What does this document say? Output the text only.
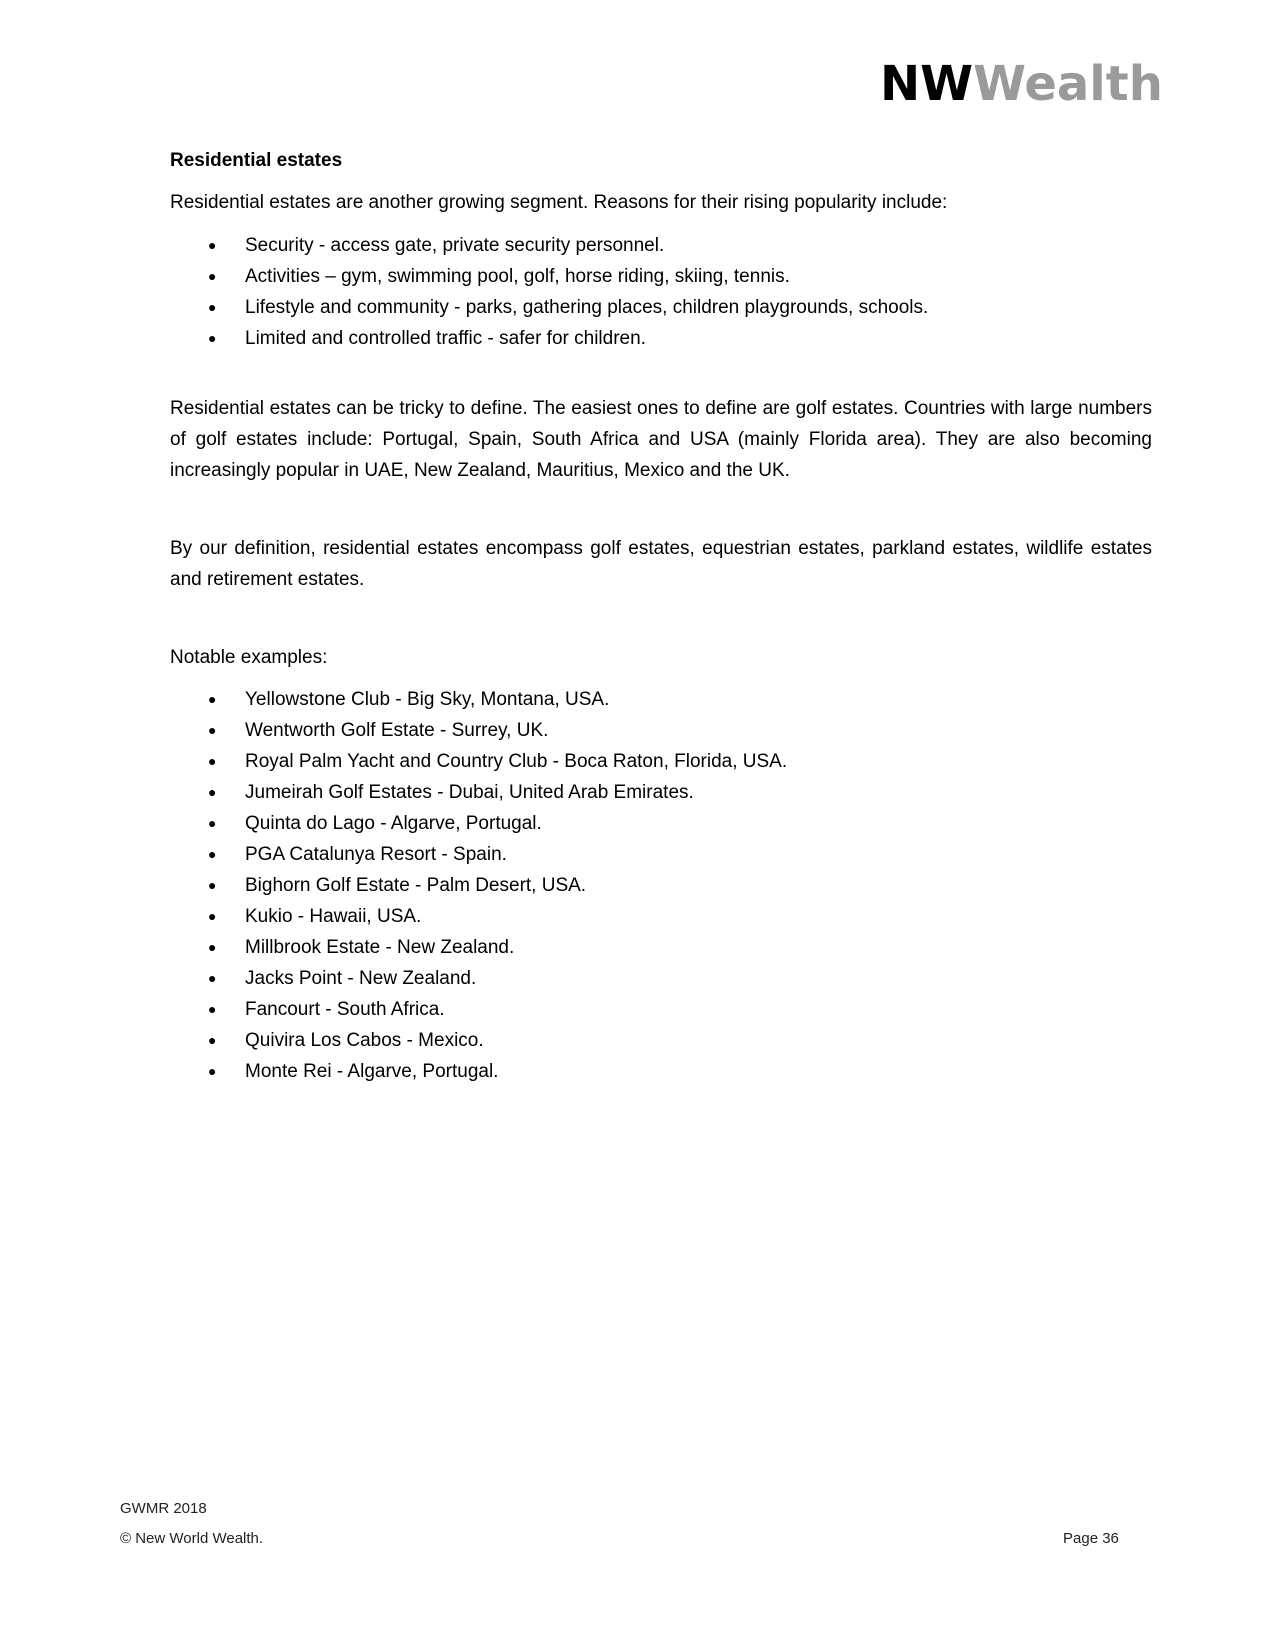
NWWealth
Residential estates

Residential estates are another growing segment. Reasons for their rising popularity include:

● Security - access gate, private security personnel.
● Activities – gym, swimming pool, golf, horse riding, skiing, tennis.
● Lifestyle and community - parks, gathering places, children playgrounds, schools.
● Limited and controlled traffic - safer for children.

Residential estates can be tricky to define. The easiest ones to define are golf estates. Countries with large numbers of golf estates include: Portugal, Spain, South Africa and USA (mainly Florida area). They are also becoming increasingly popular in UAE, New Zealand, Mauritius, Mexico and the UK.

By our definition, residential estates encompass golf estates, equestrian estates, parkland estates, wildlife estates and retirement estates.

Notable examples:

● Yellowstone Club - Big Sky, Montana, USA.
● Wentworth Golf Estate - Surrey, UK.
● Royal Palm Yacht and Country Club - Boca Raton, Florida, USA.
● Jumeirah Golf Estates - Dubai, United Arab Emirates.
● Quinta do Lago - Algarve, Portugal.
● PGA Catalunya Resort - Spain.
● Bighorn Golf Estate - Palm Desert, USA.
● Kukio - Hawaii, USA.
● Millbrook Estate - New Zealand.
● Jacks Point - New Zealand.
● Fancourt - South Africa.
● Quivira Los Cabos - Mexico.
● Monte Rei - Algarve, Portugal.
GWMR 2018
© New World Wealth.	Page 36
